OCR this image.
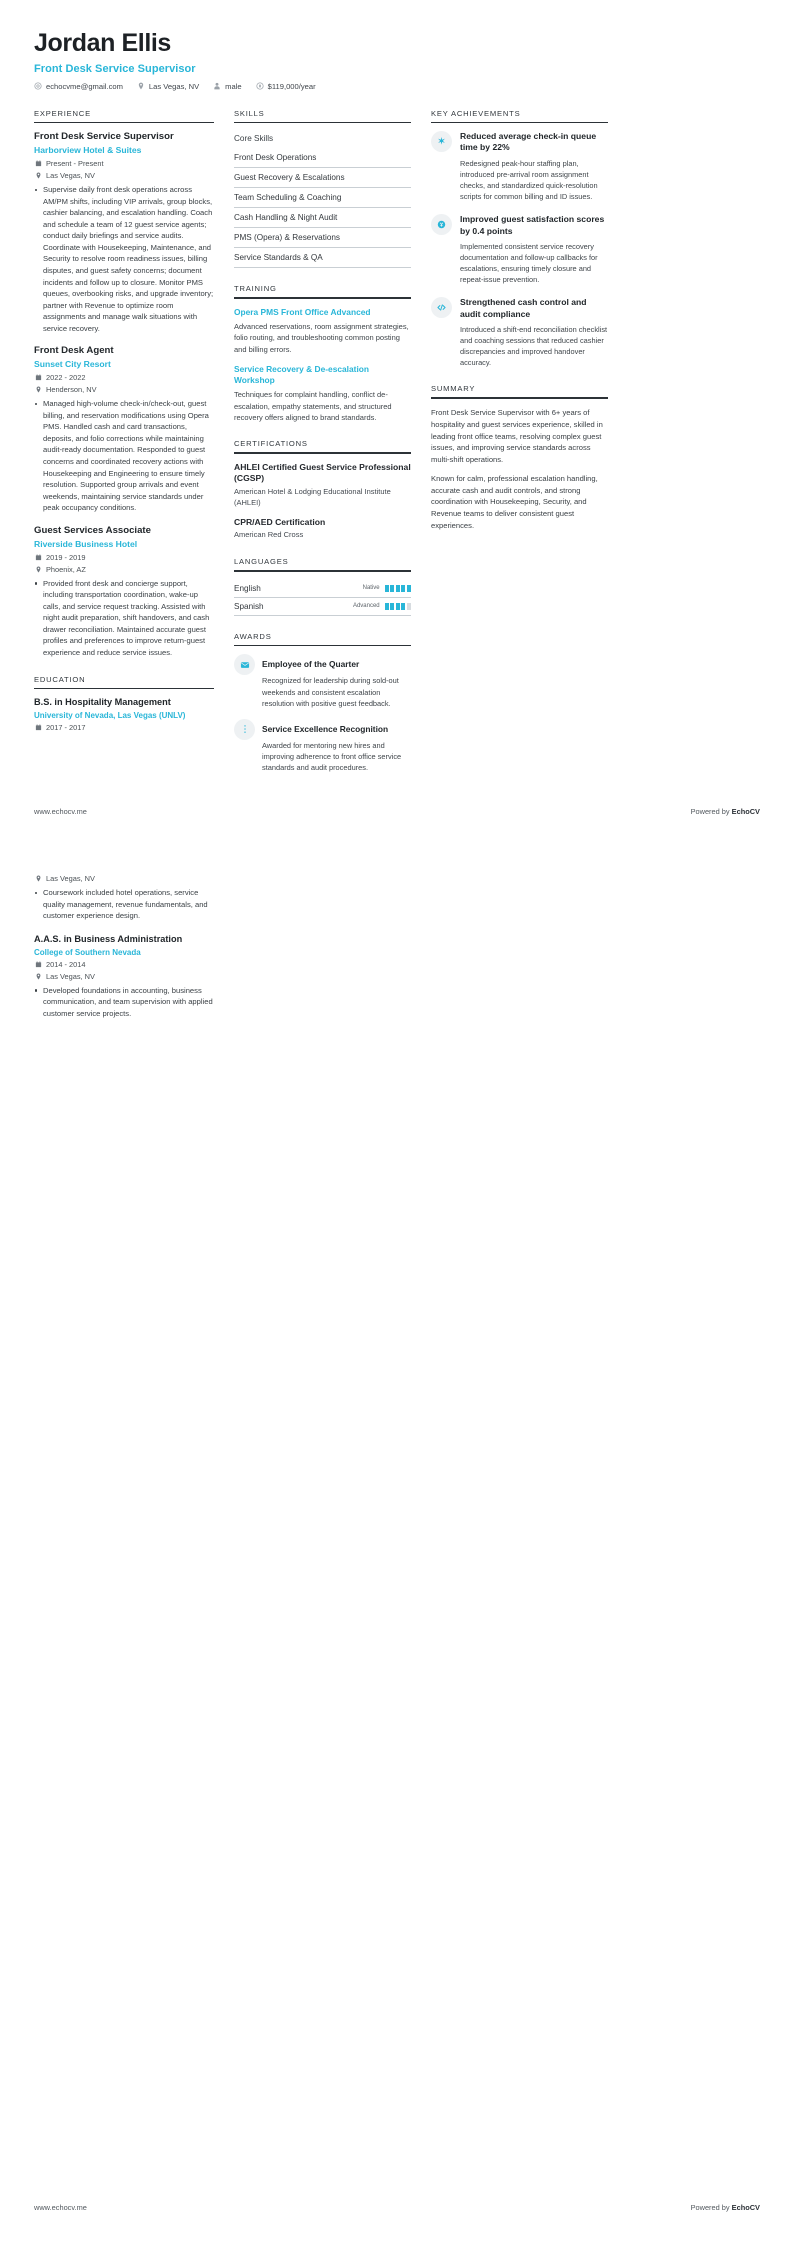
Jordan Ellis
Front Desk Service Supervisor
echocvme@gmail.com	Las Vegas, NV	male	$119,000/year
EXPERIENCE
Front Desk Service Supervisor
Harborview Hotel & Suites
Present - Present
Las Vegas, NV
Supervise daily front desk operations across AM/PM shifts, including VIP arrivals, group blocks, cashier balancing, and escalation handling. Coach and schedule a team of 12 guest service agents; conduct daily briefings and service audits. Coordinate with Housekeeping, Maintenance, and Security to resolve room readiness issues, billing disputes, and guest safety concerns; document incidents and follow up to closure. Monitor PMS queues, overbooking risks, and upgrade inventory; partner with Revenue to optimize room assignments and manage walk situations with service recovery.
Front Desk Agent
Sunset City Resort
2022 - 2022
Henderson, NV
Managed high-volume check-in/check-out, guest billing, and reservation modifications using Opera PMS. Handled cash and card transactions, deposits, and folio corrections while maintaining audit-ready documentation. Responded to guest concerns and coordinated recovery actions with Housekeeping and Engineering to ensure timely resolution. Supported group arrivals and event weekends, maintaining service standards under peak occupancy conditions.
Guest Services Associate
Riverside Business Hotel
2019 - 2019
Phoenix, AZ
Provided front desk and concierge support, including transportation coordination, wake-up calls, and service request tracking. Assisted with night audit preparation, shift handovers, and cash drawer reconciliation. Maintained accurate guest profiles and preferences to improve return-guest experience and reduce service issues.
EDUCATION
B.S. in Hospitality Management
University of Nevada, Las Vegas (UNLV)
2017 - 2017
SKILLS
Core Skills
Front Desk Operations
Guest Recovery & Escalations
Team Scheduling & Coaching
Cash Handling & Night Audit
PMS (Opera) & Reservations
Service Standards & QA
TRAINING
Opera PMS Front Office Advanced
Advanced reservations, room assignment strategies, folio routing, and troubleshooting common posting and billing errors.
Service Recovery & De-escalation Workshop
Techniques for complaint handling, conflict de-escalation, empathy statements, and structured recovery offers aligned to brand standards.
CERTIFICATIONS
AHLEI Certified Guest Service Professional (CGSP)
American Hotel & Lodging Educational Institute (AHLEI)
CPR/AED Certification
American Red Cross
LANGUAGES
English	Native
Spanish	Advanced
AWARDS
Employee of the Quarter
Recognized for leadership during sold-out weekends and consistent escalation resolution with positive guest feedback.
Service Excellence Recognition
Awarded for mentoring new hires and improving adherence to front office service standards and audit procedures.
KEY ACHIEVEMENTS
Reduced average check-in queue time by 22%
Redesigned peak-hour staffing plan, introduced pre-arrival room assignment checks, and standardized quick-resolution scripts for common billing and ID issues.
Improved guest satisfaction scores by 0.4 points
Implemented consistent service recovery documentation and follow-up callbacks for escalations, ensuring timely closure and repeat-issue prevention.
Strengthened cash control and audit compliance
Introduced a shift-end reconciliation checklist and coaching sessions that reduced cashier discrepancies and improved handover accuracy.
SUMMARY
Front Desk Service Supervisor with 6+ years of hospitality and guest services experience, skilled in leading front office teams, resolving complex guest issues, and improving service standards across multi-shift operations.
Known for calm, professional escalation handling, accurate cash and audit controls, and strong coordination with Housekeeping, Security, and Revenue teams to deliver consistent guest experiences.
www.echocv.me	Powered by EchoCV
Las Vegas, NV
Coursework included hotel operations, service quality management, revenue fundamentals, and customer experience design.
A.A.S. in Business Administration
College of Southern Nevada
2014 - 2014
Las Vegas, NV
Developed foundations in accounting, business communication, and team supervision with applied customer service projects.
www.echocv.me	Powered by EchoCV
